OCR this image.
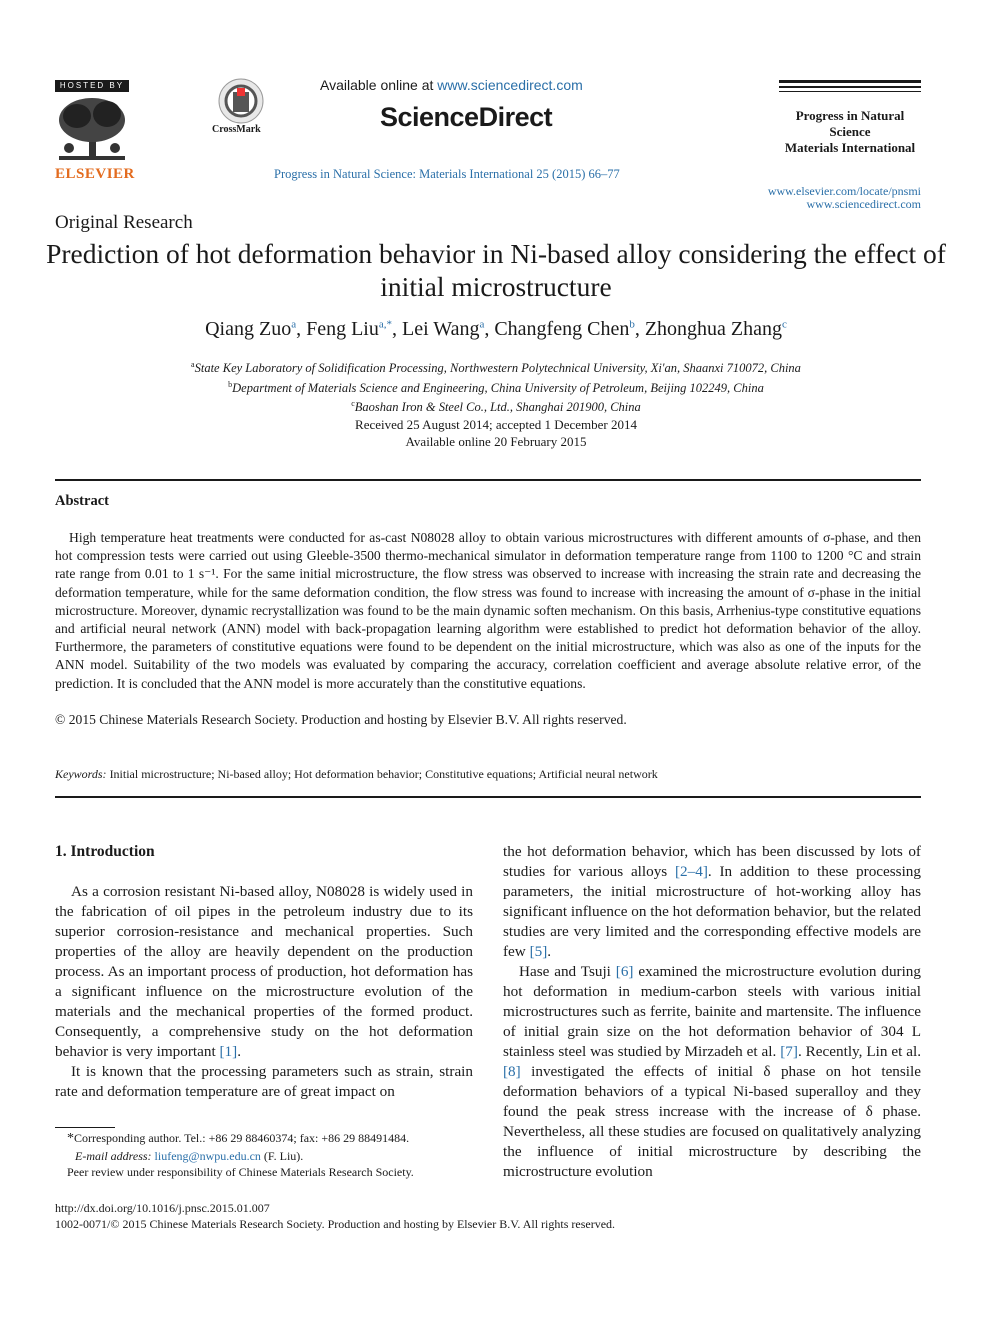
HOSTED BY
ELSEVIER
CrossMark
Available online at www.sciencedirect.com
ScienceDirect
Progress in Natural Science: Materials International 25 (2015) 66–77
Progress in Natural
Science
Materials International
www.elsevier.com/locate/pnsmi
www.sciencedirect.com
Original Research
Prediction of hot deformation behavior in Ni-based alloy considering the effect of initial microstructure
Qiang Zuo$^a$, Feng Liu$^{a,*}$, Lei Wang$^a$, Changfeng Chen$^b$, Zhonghua Zhang$^c$
$^a$State Key Laboratory of Solidification Processing, Northwestern Polytechnical University, Xi'an, Shaanxi 710072, China
$^b$Department of Materials Science and Engineering, China University of Petroleum, Beijing 102249, China
$^c$Baoshan Iron & Steel Co., Ltd., Shanghai 201900, China
Received 25 August 2014; accepted 1 December 2014
Available online 20 February 2015
Abstract
High temperature heat treatments were conducted for as-cast N08028 alloy to obtain various microstructures with different amounts of σ-phase, and then hot compression tests were carried out using Gleeble-3500 thermo-mechanical simulator in deformation temperature range from 1100 to 1200 °C and strain rate range from 0.01 to 1 s⁻¹. For the same initial microstructure, the flow stress was observed to increase with increasing the strain rate and decreasing the deformation temperature, while for the same deformation condition, the flow stress was found to increase with increasing the amount of σ-phase in the initial microstructure. Moreover, dynamic recrystallization was found to be the main dynamic soften mechanism. On this basis, Arrhenius-type constitutive equations and artificial neural network (ANN) model with back-propagation learning algorithm were established to predict hot deformation behavior of the alloy. Furthermore, the parameters of constitutive equations were found to be dependent on the initial microstructure, which was also as one of the inputs for the ANN model. Suitability of the two models was evaluated by comparing the accuracy, correlation coefficient and average absolute relative error, of the prediction. It is concluded that the ANN model is more accurately than the constitutive equations.
© 2015 Chinese Materials Research Society. Production and hosting by Elsevier B.V. All rights reserved.
Keywords: Initial microstructure; Ni-based alloy; Hot deformation behavior; Constitutive equations; Artificial neural network
1. Introduction

As a corrosion resistant Ni-based alloy, N08028 is widely used in the fabrication of oil pipes in the petroleum industry due to its superior corrosion-resistance and mechanical properties. Such properties of the alloy are heavily dependent on the production process. As an important process of production, hot deformation has a significant influence on the microstructure evolution of the materials and the mechanical properties of the formed product. Consequently, a comprehensive study on the hot deformation behavior is very important [1].

It is known that the processing parameters such as strain, strain rate and deformation temperature are of great impact on

the hot deformation behavior, which has been discussed by lots of studies for various alloys [2–4]. In addition to these processing parameters, the initial microstructure of hot-working alloy has significant influence on the hot deformation behavior, but the related studies are very limited and the corresponding effective models are few [5].

Hase and Tsuji [6] examined the microstructure evolution during hot deformation in medium-carbon steels with various initial microstructures such as ferrite, bainite and martensite. The influence of initial grain size on the hot deformation behavior of 304 L stainless steel was studied by Mirzadeh et al. [7]. Recently, Lin et al. [8] investigated the effects of initial δ phase on hot tensile deformation behaviors of a typical Ni-based superalloy and they found the peak stress increase with the increase of δ phase. Nevertheless, all these studies are focused on qualitatively analyzing the influence of initial microstructure by describing the microstructure evolution

*Corresponding author. Tel.: +86 29 88460374; fax: +86 29 88491484.
E-mail address: liufeng@nwpu.edu.cn (F. Liu).
Peer review under responsibility of Chinese Materials Research Society.
http://dx.doi.org/10.1016/j.pnsc.2015.01.007
1002-0071/© 2015 Chinese Materials Research Society. Production and hosting by Elsevier B.V. All rights reserved.
